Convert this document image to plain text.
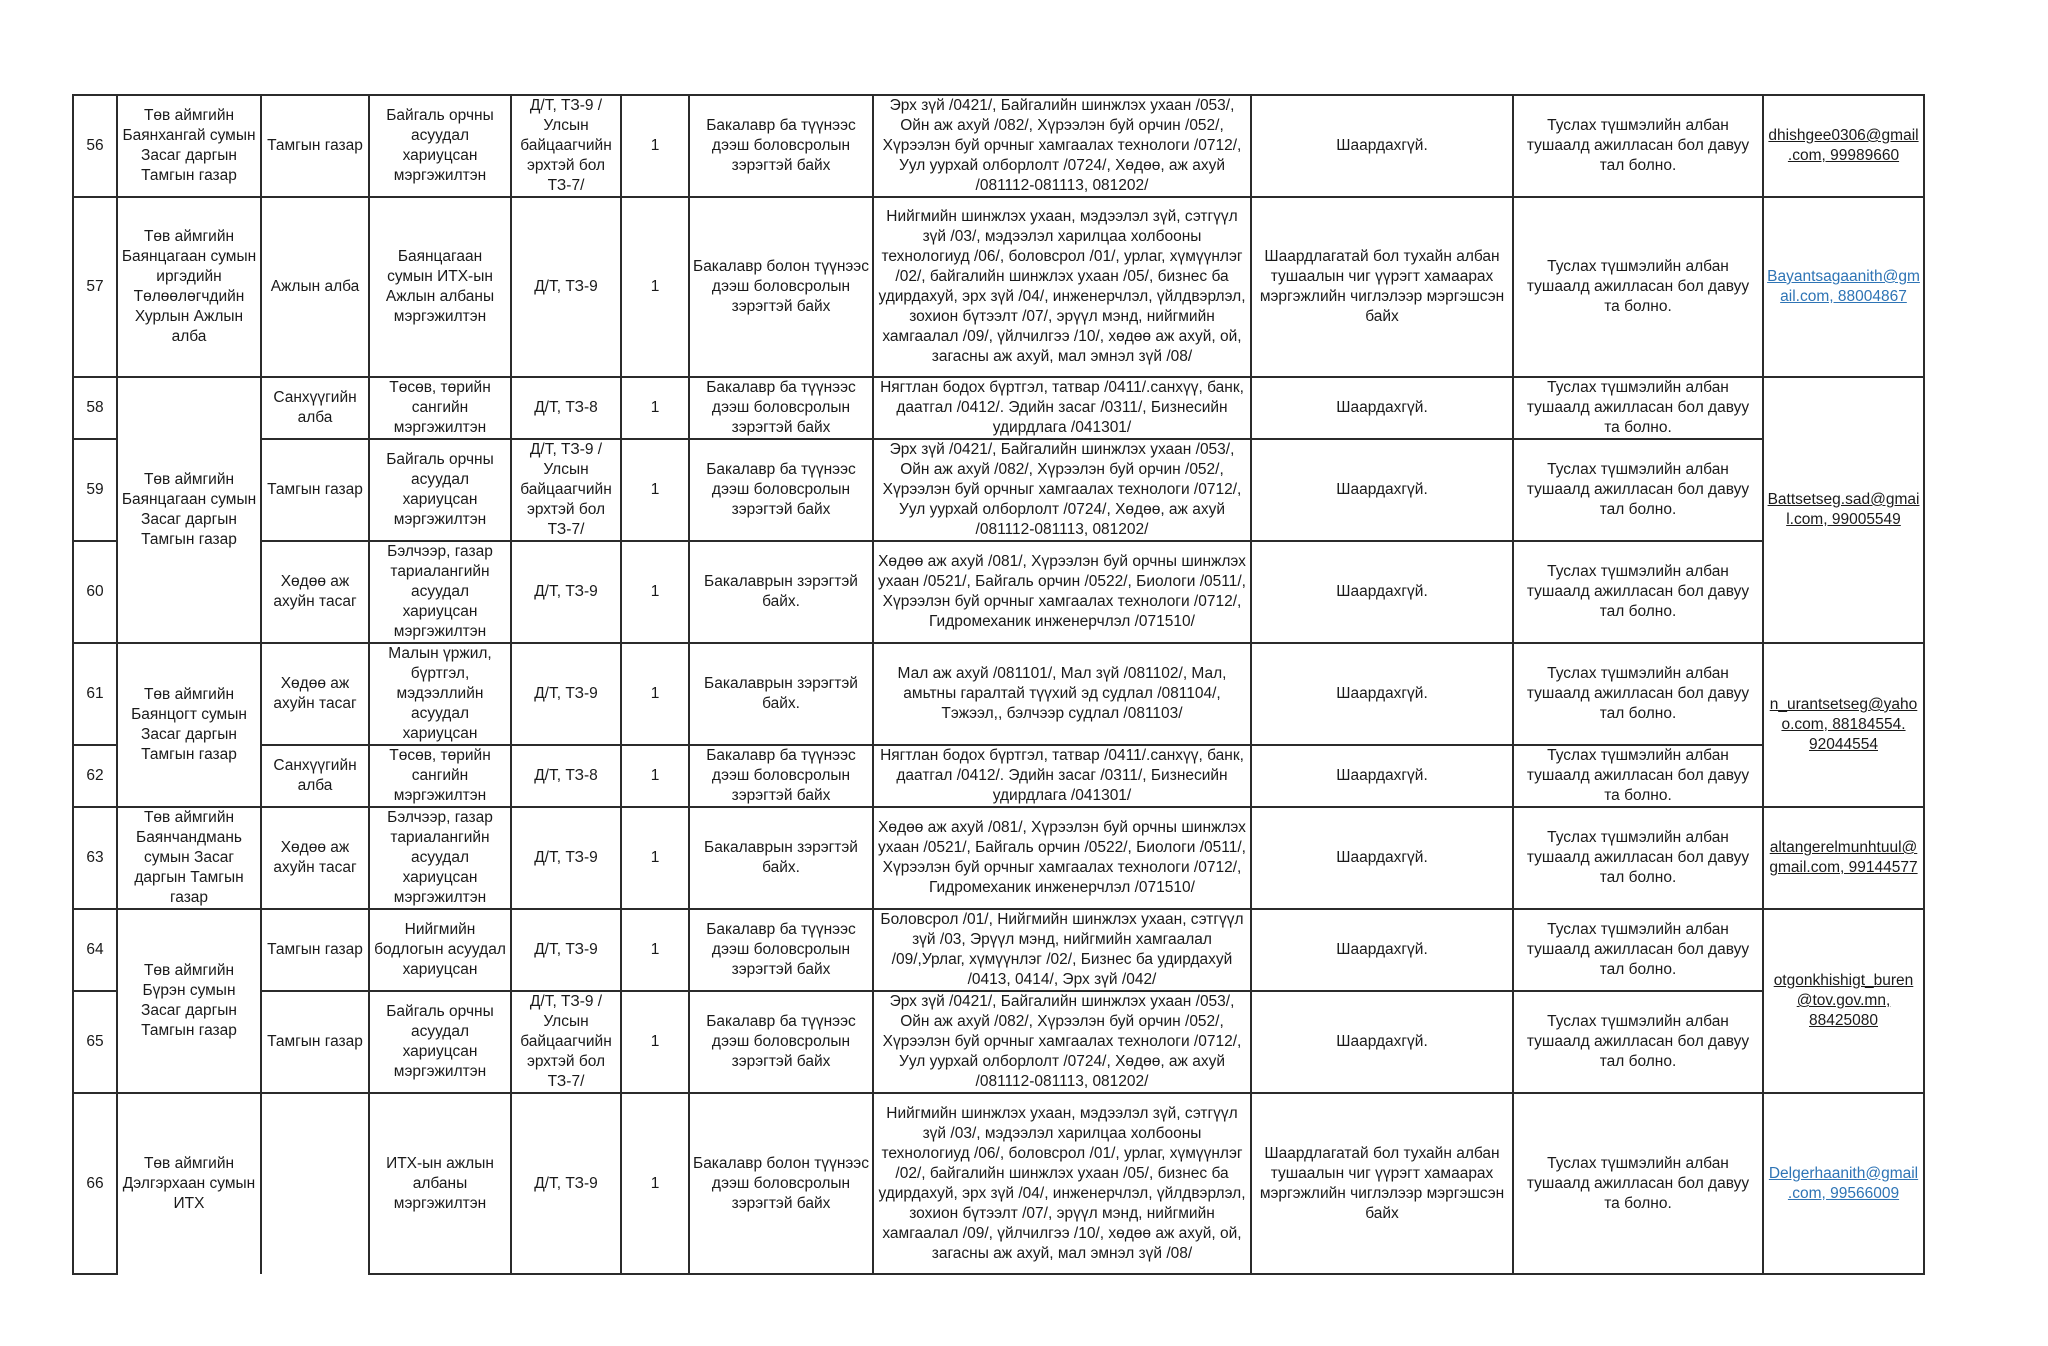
56	Төв аймгийн Баянхангай сумын Засаг даргын Тамгын газар	Тамгын газар	Байгаль орчны асуудал хариуцсан мэргэжилтэн	Д/Т, ТЗ-9 /Улсын байцаагчийн эрхтэй бол ТЗ-7/	1	Бакалавр ба түүнээс дээш боловсролын зэрэгтэй байх	Эрх зүй /0421/, Байгалийн шинжлэх ухаан /053/, Ойн аж ахуй /082/, Хүрээлэн буй орчин /052/, Хүрээлэн буй орчныг хамгаалах технологи /0712/, Уул уурхай олборлолт /0724/, Хөдөө, аж ахуй /081112-081113, 081202/	Шаардахгүй.	Туслах түшмэлийн албан тушаалд ажилласан бол давуу тал болно.	dhishgee0306@gmail.com, 99989660
57	Төв аймгийн Баянцагаан сумын иргэдийн Төлөөлөгчдийн Хурлын Ажлын алба	Ажлын алба	Баянцагаан сумын ИТХ-ын Ажлын албаны мэргэжилтэн	Д/Т, ТЗ-9	1	Бакалавр болон түүнээс дээш боловсролын зэрэгтэй байх	Нийгмийн шинжлэх ухаан, мэдээлэл зүй, сэтгүүл зүй /03/, мэдээлэл харилцаа холбооны технологиуд /06/, боловсрол /01/, урлаг, хүмүүнлэг /02/, байгалийн шинжлэх ухаан /05/, бизнес ба удирдахуй, эрх зүй /04/, инженерчлэл, үйлдвэрлэл, зохион бүтээлт /07/, эрүүл мэнд, нийгмийн хамгаалал /09/, үйлчилгээ /10/, хөдөө аж ахуй, ой, загасны аж ахуй, мал эмнэл зүй /08/	Шаардлагатай бол тухайн албан тушаалын чиг үүрэгт хамаарах мэргэжлийн чиглэлээр мэргэшсэн байх	Туслах түшмэлийн албан тушаалд ажилласан бол давуу та болно.	Bayantsagaanith@gmail.com, 88004867
58	Төв аймгийн Баянцагаан сумын Засаг даргын Тамгын газар	Санхүүгийн алба	Төсөв, төрийн сангийн мэргэжилтэн	Д/Т, ТЗ-8	1	Бакалавр ба түүнээс дээш боловсролын зэрэгтэй байх	Нягтлан бодох бүртгэл, татвар /0411/.санхүү, банк, даатгал /0412/. Эдийн засаг /0311/, Бизнесийн удирдлага /041301/	Шаардахгүй.	Туслах түшмэлийн албан тушаалд ажилласан бол давуу та болно.	Battsetseg.sad@gmail.com, 99005549
59		Тамгын газар	Байгаль орчны асуудал хариуцсан мэргэжилтэн	Д/Т, ТЗ-9 /Улсын байцаагчийн эрхтэй бол ТЗ-7/	1	Бакалавр ба түүнээс дээш боловсролын зэрэгтэй байх	Эрх зүй /0421/, Байгалийн шинжлэх ухаан /053/, Ойн аж ахуй /082/, Хүрээлэн буй орчин /052/, Хүрээлэн буй орчныг хамгаалах технологи /0712/, Уул уурхай олборлолт /0724/, Хөдөө, аж ахуй /081112-081113, 081202/	Шаардахгүй.	Туслах түшмэлийн албан тушаалд ажилласан бол давуу тал болно.	
60		Хөдөө аж ахуйн тасаг	Бэлчээр, газар тариалангийн асуудал хариуцсан мэргэжилтэн	Д/Т, ТЗ-9	1	Бакалаврын зэрэгтэй байх.	Хөдөө аж ахуй /081/, Хүрээлэн буй орчны шинжлэх ухаан /0521/, Байгаль орчин /0522/, Биологи /0511/, Хүрээлэн буй орчныг хамгаалах технологи /0712/, Гидромеханик инженерчлэл /071510/	Шаардахгүй.	Туслах түшмэлийн албан тушаалд ажилласан бол давуу тал болно.	
61	Төв аймгийн Баянцогт сумын Засаг даргын Тамгын газар	Хөдөө аж ахуйн тасаг	Малын үржил, бүртгэл, мэдээллийн асуудал хариуцсан	Д/Т, ТЗ-9	1	Бакалаврын зэрэгтэй байх.	Мал аж ахуй /081101/, Мал зүй /081102/, Мал, амьтны гаралтай түүхий эд судлал /081104/, Тэжээл,, бэлчээр судлал /081103/	Шаардахгүй.	Туслах түшмэлийн албан тушаалд ажилласан бол давуу тал болно.	n_urantsetseg@yahoo.com, 88184554. 92044554
62		Санхүүгийн алба	Төсөв, төрийн сангийн мэргэжилтэн	Д/Т, ТЗ-8	1	Бакалавр ба түүнээс дээш боловсролын зэрэгтэй байх	Нягтлан бодох бүртгэл, татвар /0411/.санхүү, банк, даатгал /0412/. Эдийн засаг /0311/, Бизнесийн удирдлага /041301/	Шаардахгүй.	Туслах түшмэлийн албан тушаалд ажилласан бол давуу та болно.	
63	Төв аймгийн Баянчандмань сумын Засаг даргын Тамгын газар	Хөдөө аж ахуйн тасаг	Бэлчээр, газар тариалангийн асуудал хариуцсан мэргэжилтэн	Д/Т, ТЗ-9	1	Бакалаврын зэрэгтэй байх.	Хөдөө аж ахуй /081/, Хүрээлэн буй орчны шинжлэх ухаан /0521/, Байгаль орчин /0522/, Биологи /0511/, Хүрээлэн буй орчныг хамгаалах технологи /0712/, Гидромеханик инженерчлэл /071510/	Шаардахгүй.	Туслах түшмэлийн албан тушаалд ажилласан бол давуу тал болно.	altangerelmunhtuul@gmail.com, 99144577
64	Төв аймгийн Бүрэн сумын Засаг даргын Тамгын газар	Тамгын газар	Нийгмийн бодлогын асуудал хариуцсан	Д/Т, ТЗ-9	1	Бакалавр ба түүнээс дээш боловсролын зэрэгтэй байх	Боловсрол /01/, Нийгмийн шинжлэх ухаан, сэтгүүл зүй /03, Эрүүл мэнд, нийгмийн хамгаалал /09/,Урлаг, хүмүүнлэг /02/, Бизнес ба удирдахуй /0413, 0414/, Эрх зүй /042/	Шаардахгүй.	Туслах түшмэлийн албан тушаалд ажилласан бол давуу тал болно.	otgonkhishigt_buren@tov.gov.mn, 88425080
65		Тамгын газар	Байгаль орчны асуудал хариуцсан мэргэжилтэн	Д/Т, ТЗ-9 /Улсын байцаагчийн эрхтэй бол ТЗ-7/	1	Бакалавр ба түүнээс дээш боловсролын зэрэгтэй байх	Эрх зүй /0421/, Байгалийн шинжлэх ухаан /053/, Ойн аж ахуй /082/, Хүрээлэн буй орчин /052/, Хүрээлэн буй орчныг хамгаалах технологи /0712/, Уул уурхай олборлолт /0724/, Хөдөө, аж ахуй /081112-081113, 081202/	Шаардахгүй.	Туслах түшмэлийн албан тушаалд ажилласан бол давуу тал болно.	
66	Төв аймгийн Дэлгэрхаан сумын ИТХ		ИТХ-ын ажлын албаны мэргэжилтэн	Д/Т, ТЗ-9	1	Бакалавр болон түүнээс дээш боловсролын зэрэгтэй байх	Нийгмийн шинжлэх ухаан, мэдээлэл зүй, сэтгүүл зүй /03/, мэдээлэл харилцаа холбооны технологиуд /06/, боловсрол /01/, урлаг, хүмүүнлэг /02/, байгалийн шинжлэх ухаан /05/, бизнес ба удирдахуй, эрх зүй /04/, инженерчлэл, үйлдвэрлэл, зохион бүтээлт /07/, эрүүл мэнд, нийгмийн хамгаалал /09/, үйлчилгээ /10/, хөдөө аж ахуй, ой, загасны аж ахуй, мал эмнэл зүй /08/	Шаардлагатай бол тухайн албан тушаалын чиг үүрэгт хамаарах мэргэжлийн чиглэлээр мэргэшсэн байх	Туслах түшмэлийн албан тушаалд ажилласан бол давуу та болно.	Delgerhaanith@gmail.com, 99566009
